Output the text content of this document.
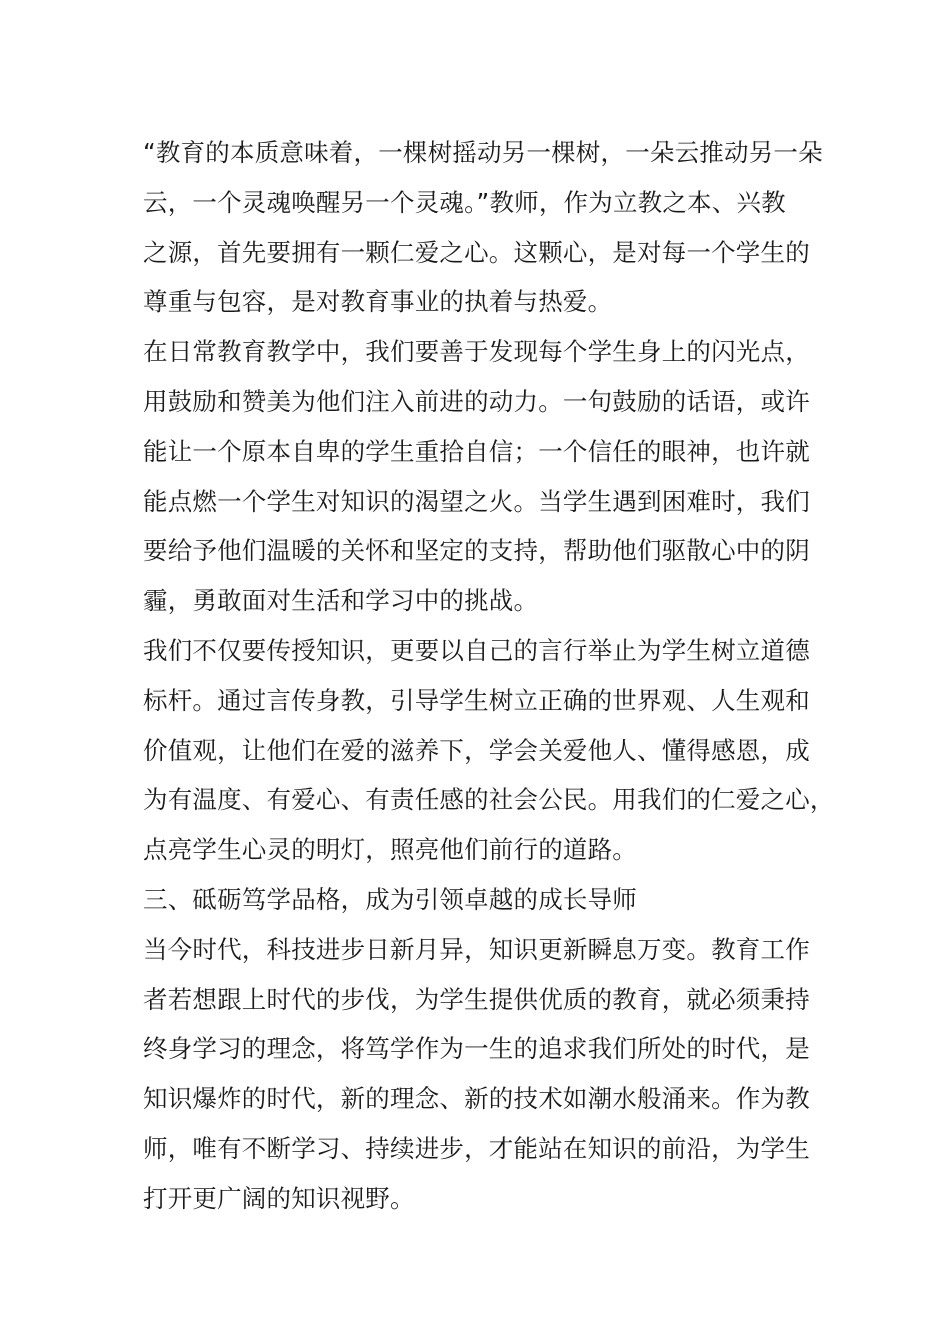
“教育的本质意味着，一棵树摇动另一棵树，一朵云推动另一朵
云，一个灵魂唤醒另一个灵魂。”教师，作为立教之本、兴教
之源，首先要拥有一颗仁爱之心。这颗心，是对每一个学生的
尊重与包容，是对教育事业的执着与热爱。
在日常教育教学中，我们要善于发现每个学生身上的闪光点，
用鼓励和赞美为他们注入前进的动力。一句鼓励的话语，或许
能让一个原本自卑的学生重拾自信；一个信任的眼神，也许就
能点燃一个学生对知识的渴望之火。当学生遇到困难时，我们
要给予他们温暖的关怀和坚定的支持，帮助他们驱散心中的阴
霾，勇敢面对生活和学习中的挑战。
我们不仅要传授知识，更要以自己的言行举止为学生树立道德
标杆。通过言传身教，引导学生树立正确的世界观、人生观和
价值观，让他们在爱的滋养下，学会关爱他人、懂得感恩，成
为有温度、有爱心、有责任感的社会公民。用我们的仁爱之心，
点亮学生心灵的明灯，照亮他们前行的道路。
三、砥砺笃学品格，成为引领卓越的成长导师
当今时代，科技进步日新月异，知识更新瞬息万变。教育工作
者若想跟上时代的步伐，为学生提供优质的教育，就必须秉持
终身学习的理念，将笃学作为一生的追求我们所处的时代，是
知识爆炸的时代，新的理念、新的技术如潮水般涌来。作为教
师，唯有不断学习、持续进步，才能站在知识的前沿，为学生
打开更广阔的知识视野。
